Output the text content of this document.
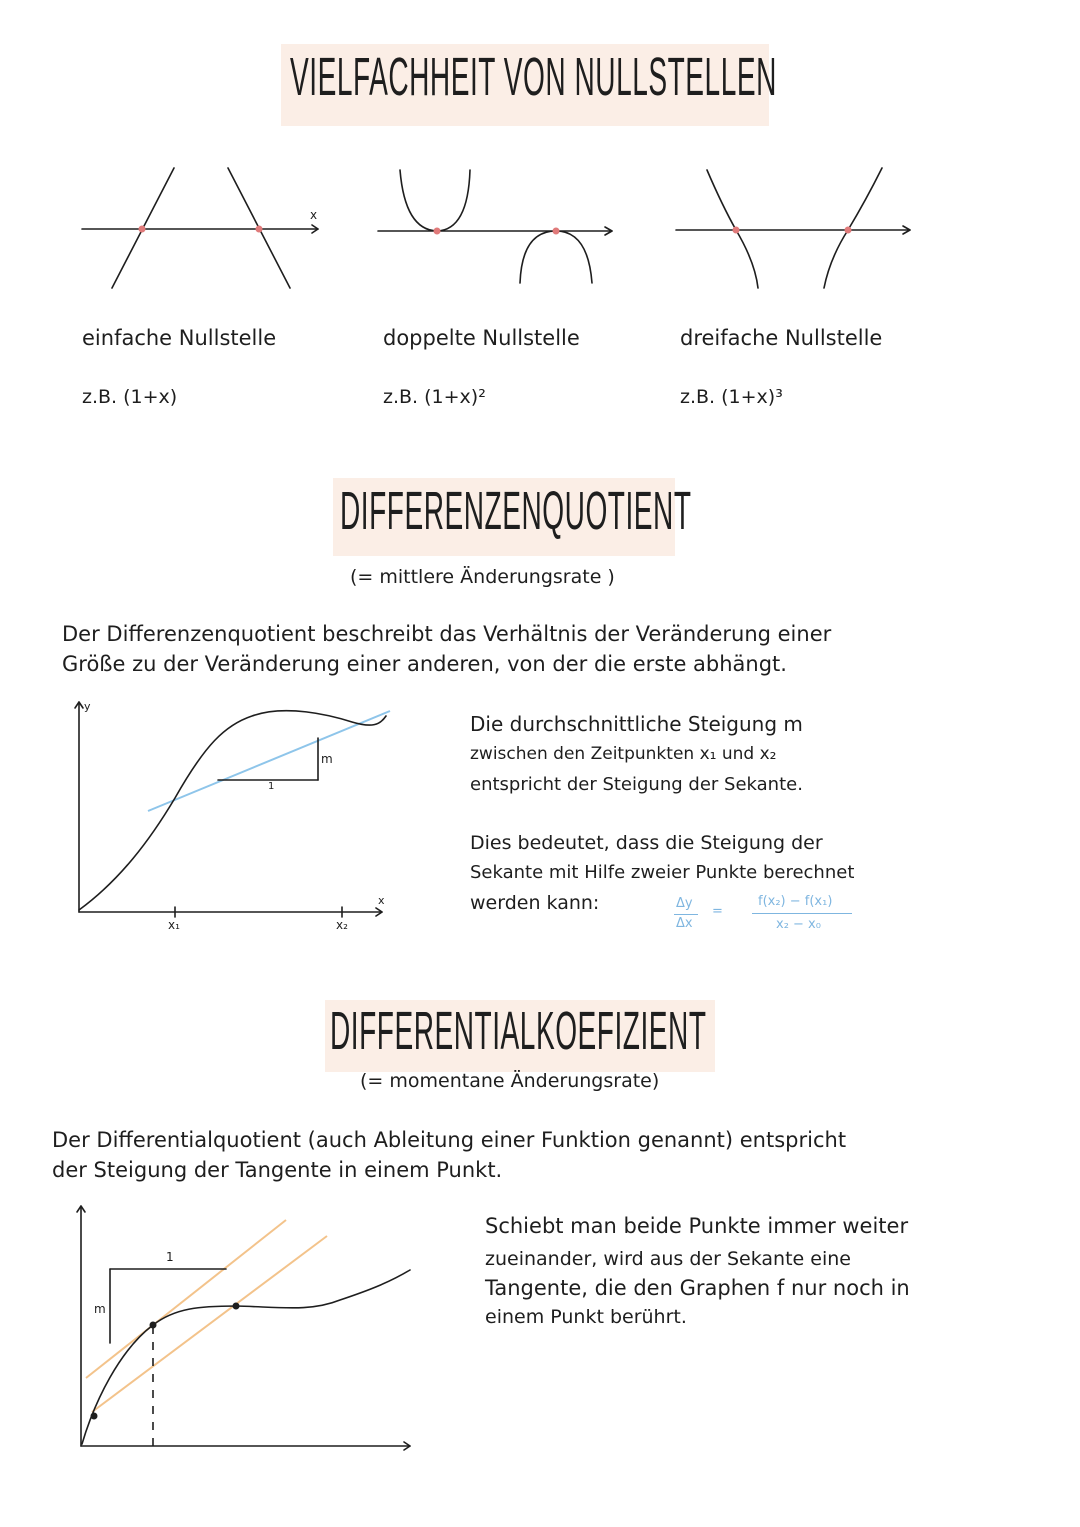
VIELFACHHEIT VON NULLSTELLEN
x
einfache Nullstelle	doppelte Nullstelle	dreifache Nullstelle
z.B. (1+x)	z.B. (1+x)²	z.B. (1+x)³
DIFFERENZENQUOTIENT
(= mittlere Änderungsrate )
Der Differenzenquotient beschreibt das Verhältnis der Veränderung einer
Größe zu der Veränderung einer anderen, von der die erste abhängt.
y
x
x₁	x₂
m
1
Die durchschnittliche Steigung m
zwischen den Zeitpunkten x₁ und x₂
entspricht der Steigung der Sekante.
Dies bedeutet, dass die Steigung der
Sekante mit Hilfe zweier Punkte berechnet
werden kann:	Δy
Δx
=
f(x₂) − f(x₁)
x₂ − x₀
DIFFERENTIALKOEFIZIENT
(= momentane Änderungsrate)
Der Differentialquotient (auch Ableitung einer Funktion genannt) entspricht
der Steigung der Tangente in einem Punkt.
m
1
Schiebt man beide Punkte immer weiter
zueinander, wird aus der Sekante eine
Tangente, die den Graphen f nur noch in
einem Punkt berührt.
